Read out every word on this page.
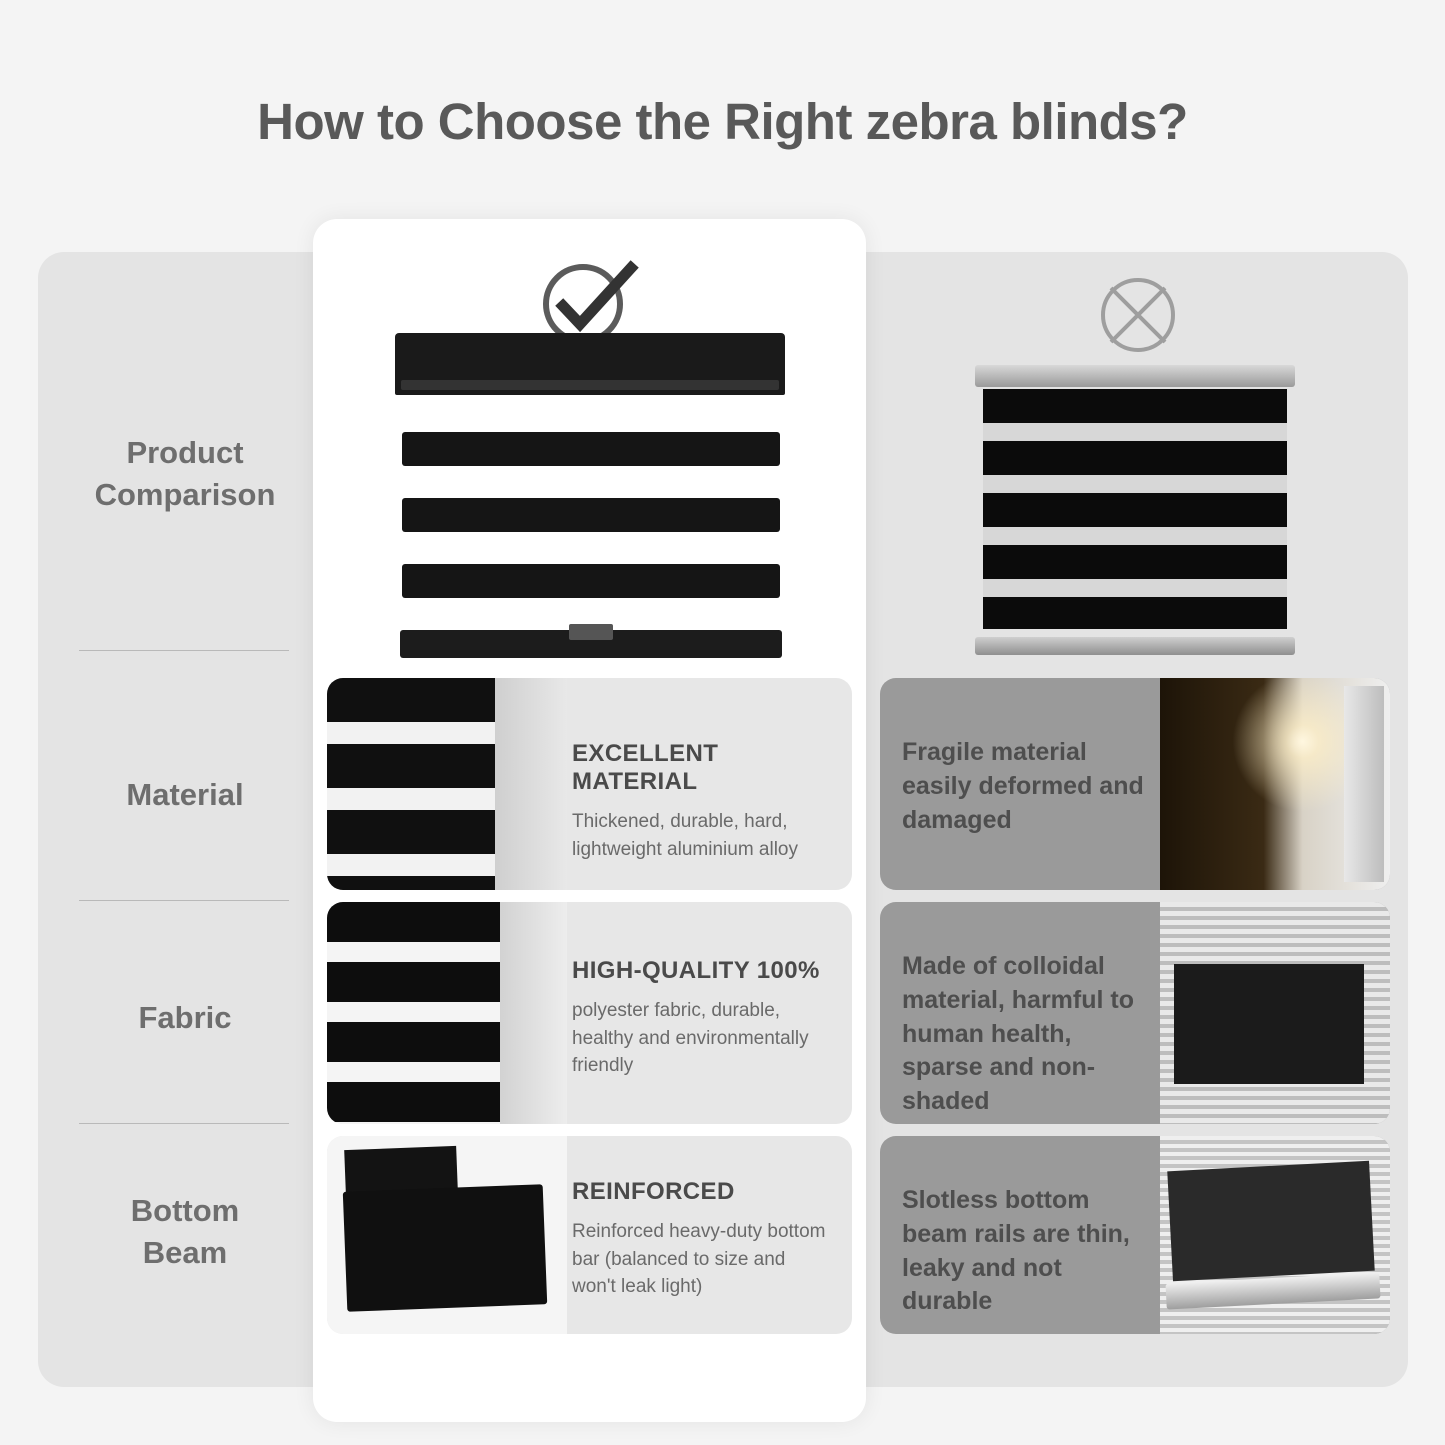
How to Choose the Right zebra blinds?
Product
Comparison
Material
Fabric
Bottom
Beam
EXCELLENT MATERIAL
Thickened, durable, hard, lightweight aluminium alloy
HIGH-QUALITY 100%
polyester fabric, durable, healthy and environmentally friendly
REINFORCED
Reinforced heavy-duty bottom bar (balanced to size and won't leak light)
Fragile material easily deformed and damaged
Made of colloidal material, harmful to human health, sparse and non-shaded
Slotless bottom beam rails are thin, leaky and not durable
